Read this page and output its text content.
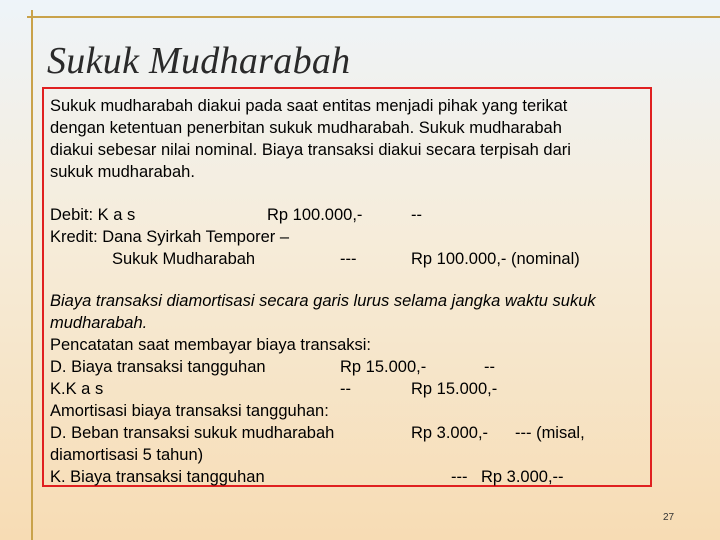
Sukuk Mudharabah
Sukuk mudharabah diakui pada saat entitas menjadi pihak yang terikat
dengan ketentuan penerbitan sukuk mudharabah. Sukuk mudharabah
diakui sebesar nilai nominal. Biaya transaksi diakui secara terpisah dari
sukuk mudharabah.
Debit: K a s	Rp 100.000,-	--
Kredit: Dana Syirkah Temporer –
Sukuk Mudharabah	---	Rp 100.000,- (nominal)
Biaya transaksi diamortisasi secara garis lurus selama jangka waktu sukuk
mudharabah.
Pencatatan saat membayar biaya transaksi:
D. Biaya transaksi tangguhan	Rp 15.000,-	--
K.K a s	--	Rp 15.000,-
Amortisasi biaya transaksi tangguhan:
D. Beban transaksi sukuk mudharabah	Rp 3.000,- --- (misal,
diamortisasi 5 tahun)
K. Biaya transaksi tangguhan	--- Rp 3.000,--
27
